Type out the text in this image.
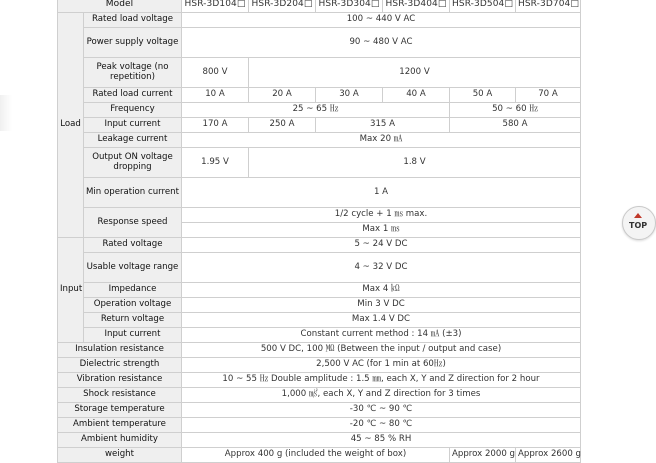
Model		HSR-3D104□	HSR-3D204□	HSR-3D304□	HSR-3D404□	HSR-3D504□	HSR-3D704□
Load	Rated load voltage	100 ~ 440 V AC					
	Power supply voltage	90 ~ 480 V AC					
	Peak voltage (no repetition)	800 V	1200 V				
	Rated load current	10 A	20 A	30 A	40 A	50 A	70 A
	Frequency	25 ~ 65 ㎐				50 ~ 60 ㎐	
	Input current	170 A	250 A	315 A		580 A	
	Leakage current	Max 20 ㎃					
	Output ON voltage dropping	1.95 V	1.8 V				
	Min operation current	1 A					
	Response speed	1/2 cycle + 1 ㎳ max.					
		Max 1 ㎳					

Input	Rated voltage	5 ~ 24 V DC					
	Usable voltage range	4 ~ 32 V DC					
	Impedance	Max 4 ㏀					
	Operation voltage	Min 3 V DC					
	Return voltage	Max 1.4 V DC					
	Input current	Constant current method : 14 ㎃ (±3)					
Insulation resistance		500 V DC, 100 ㏁ (Between the input / output and case)					
Dielectric strength		2,500 V AC (for 1 min at 60㎐)					
Vibration resistance		10 ~ 55 ㎐ Double amplitude : 1.5 ㎜, each X, Y and Z direction for 2 hour					
Shock resistance		1,000 ㎨, each X, Y and Z direction for 3 times					
Storage temperature		-30 ℃ ~ 90 ℃					
Ambient temperature		-20 ℃ ~ 80 ℃					
Ambient humidity		45 ~ 85 % RH					
weight		Approx 400 g (included the weight of box)				Approx 2000 g	Approx 2600 g
TOP
